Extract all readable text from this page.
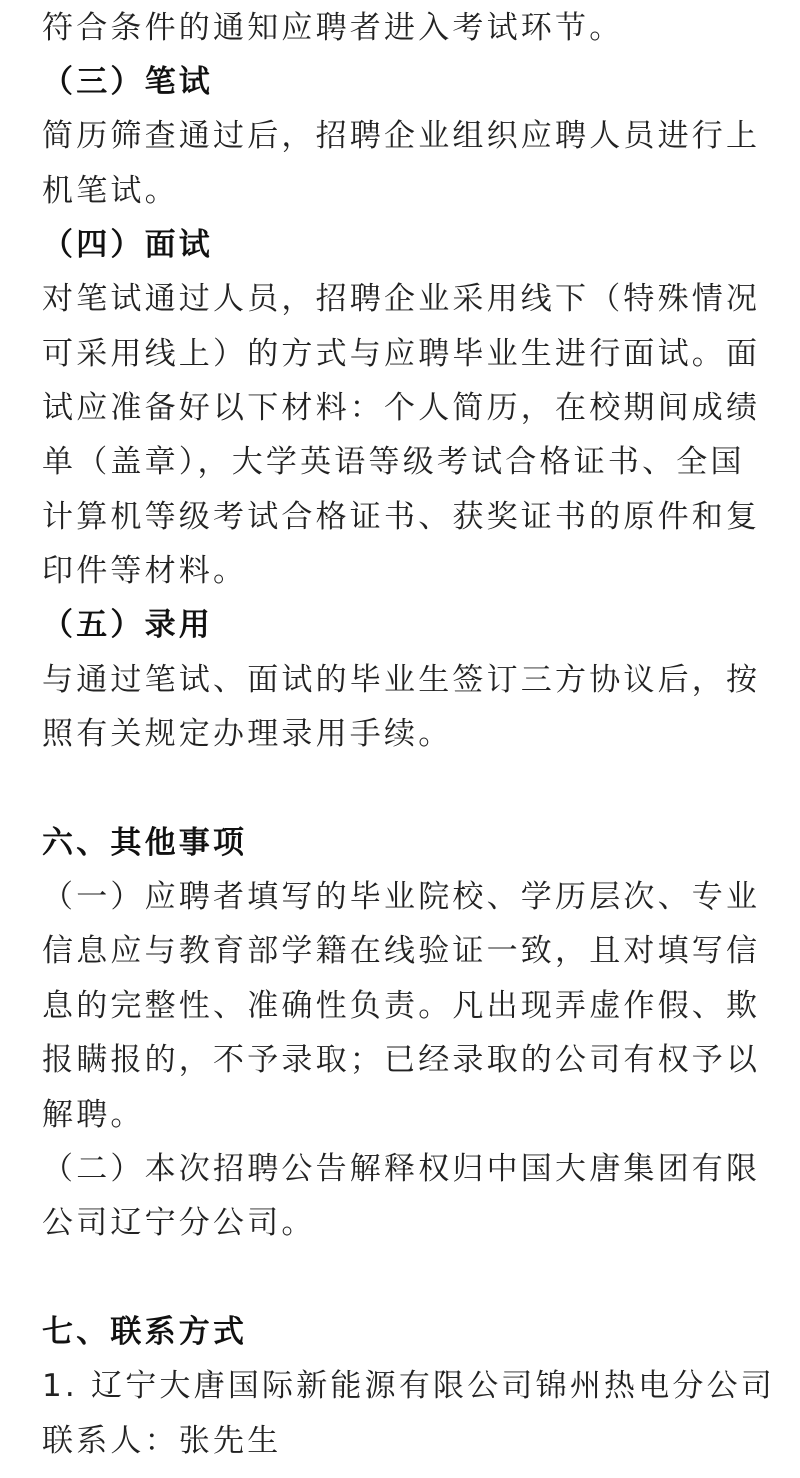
符合条件的通知应聘者进入考试环节。
（三）笔试
简历筛查通过后，招聘企业组织应聘人员进行上
机笔试。
（四）面试
对笔试通过人员，招聘企业采用线下（特殊情况
可采用线上）的方式与应聘毕业生进行面试。面
试应准备好以下材料：个人简历，在校期间成绩
单（盖章），大学英语等级考试合格证书、全国
计算机等级考试合格证书、获奖证书的原件和复
印件等材料。
（五）录用
与通过笔试、面试的毕业生签订三方协议后，按
照有关规定办理录用手续。
六、其他事项
（一）应聘者填写的毕业院校、学历层次、专业
信息应与教育部学籍在线验证一致，且对填写信
息的完整性、准确性负责。凡出现弄虚作假、欺
报瞒报的，不予录取；已经录取的公司有权予以
解聘。
（二）本次招聘公告解释权归中国大唐集团有限
公司辽宁分公司。
七、联系方式
1. 辽宁大唐国际新能源有限公司锦州热电分公司
联系人：张先生
